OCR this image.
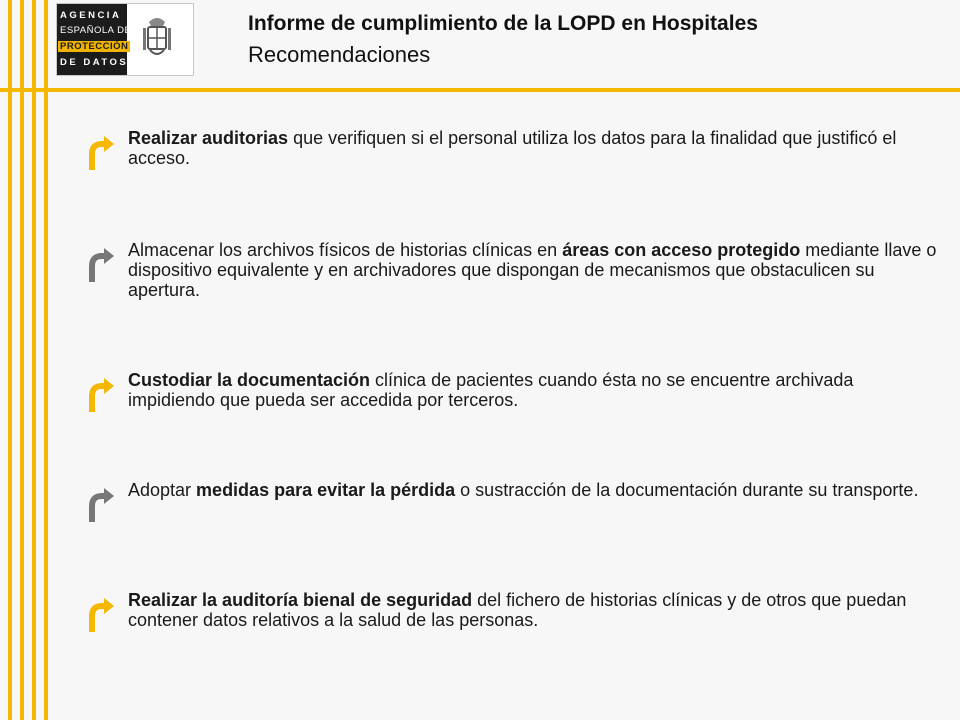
AGENCIA
ESPAÑOLA DE
PROTECCIÓN
DE DATOS
Informe de cumplimiento de la LOPD en Hospitales
Recomendaciones
Realizar auditorias que verifiquen si el personal utiliza los datos para la finalidad que justificó el acceso.
Almacenar los archivos físicos de historias clínicas en áreas con acceso protegido mediante llave o dispositivo equivalente y en archivadores que dispongan de mecanismos que obstaculicen su apertura.
Custodiar la documentación clínica de pacientes cuando ésta no se encuentre archivada impidiendo que pueda ser accedida por terceros.
Adoptar medidas para evitar la pérdida o sustracción de la documentación durante su transporte.
Realizar la auditoría bienal de seguridad del fichero de historias clínicas y de otros que puedan contener datos relativos a la salud de las personas.
